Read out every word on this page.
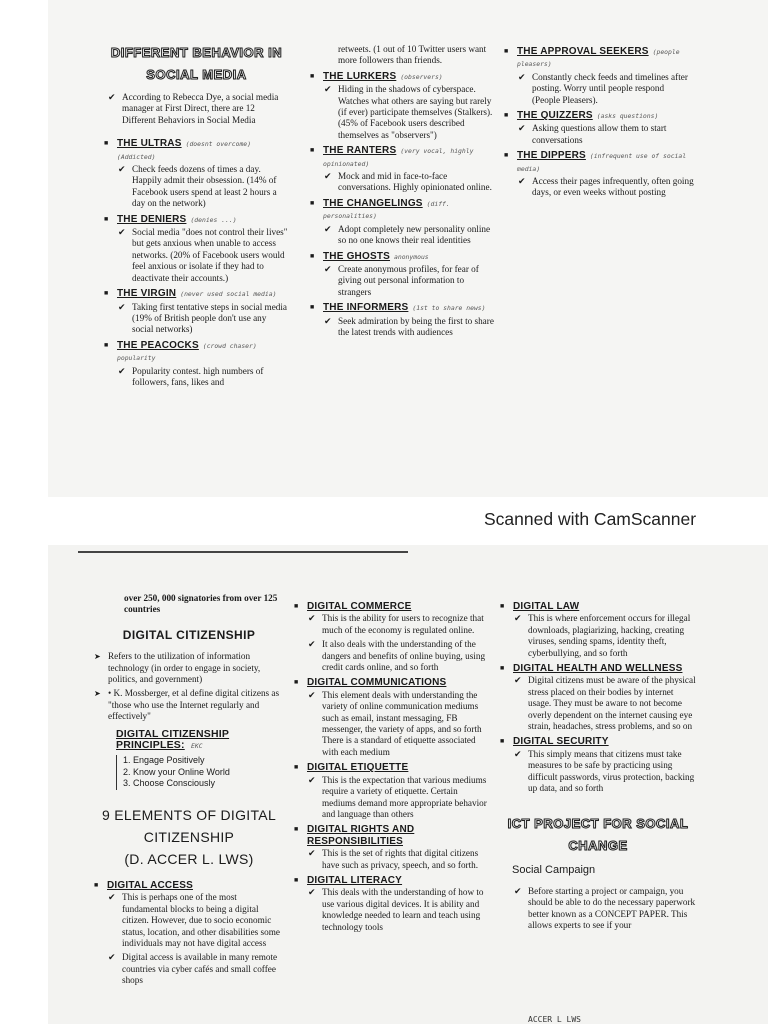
DIFFERENT BEHAVIOR IN
SOCIAL MEDIA
✔ According to Rebecca Dye, a social media manager at First Direct, there are 12 Different Behaviors in Social Media
■ THE ULTRAS (doesnt overcome) (Addicted)
✔ Check feeds dozens of times a day. Happily admit their obsession. (14% of Facebook users spend at least 2 hours a day on the network)
■ THE DENIERS (denies ...)
✔ Social media "does not control their lives" but gets anxious when unable to access networks. (20% of Facebook users would feel anxious or isolate if they had to deactivate their accounts.)
■ THE VIRGIN (never used social media)
✔ Taking first tentative steps in social media (19% of British people don't use any social networks)
■ THE PEACOCKS (crowd chaser) popularity
✔ Popularity contest. high numbers of followers, fans, likes and
retweets. (1 out of 10 Twitter users want more followers than friends.
■ THE LURKERS (observers)
✔ Hiding in the shadows of cyberspace. Watches what others are saying but rarely (if ever) participate themselves (Stalkers). (45% of Facebook users described themselves as "observers")
■ THE RANTERS (very vocal, highly opinionated)
✔ Mock and mid in face-to-face conversations. Highly opinionated online.
■ THE CHANGELINGS (diff. personalities)
✔ Adopt completely new personality online so no one knows their real identities
■ THE GHOSTS anonymous
✔ Create anonymous profiles, for fear of giving out personal information to strangers
■ THE INFORMERS (1st to share news)
✔ Seek admiration by being the first to share the latest trends with audiences
■ THE APPROVAL SEEKERS (people pleasers)
✔ Constantly check feeds and timelines after posting. Worry until people respond (People Pleasers).
■ THE QUIZZERS (asks questions)
✔ Asking questions allow them to start conversations
■ THE DIPPERS (infrequent use of social media)
✔ Access their pages infrequently, often going days, or even weeks without posting
Scanned with CamScanner
over 250, 000 signatories from over 125 countries
DIGITAL CITIZENSHIP
➤ Refers to the utilization of information technology (in order to engage in society, politics, and government)
➤ • K. Mossberger, et al define digital citizens as "those who use the Internet regularly and effectively"
DIGITAL CITIZENSHIP PRINCIPLES: EKC
1. Engage Positively
2. Know your Online World
3. Choose Consciously
9 ELEMENTS OF DIGITAL CITIZENSHIP
(D. ACCER L. LWS)
■ DIGITAL ACCESS
✔ This is perhaps one of the most fundamental blocks to being a digital citizen. However, due to socio economic status, location, and other disabilities some individuals may not have digital access
✔ Digital access is available in many remote countries via cyber cafés and small coffee shops
■ DIGITAL COMMERCE
✔ This is the ability for users to recognize that much of the economy is regulated online.
✔ It also deals with the understanding of the dangers and benefits of online buying, using credit cards online, and so forth
■ DIGITAL COMMUNICATIONS
✔ This element deals with understanding the variety of online communication mediums such as email, instant messaging, FB messenger, the variety of apps, and so forth There is a standard of etiquette associated with each medium
■ DIGITAL ETIQUETTE
✔ This is the expectation that various mediums require a variety of etiquette. Certain mediums demand more appropriate behavior and language than others
■ DIGITAL RIGHTS AND RESPONSIBILITIES
✔ This is the set of rights that digital citizens have such as privacy, speech, and so forth.
■ DIGITAL LITERACY
✔ This deals with the understanding of how to use various digital devices. It is ability and knowledge needed to learn and teach using technology tools
■ DIGITAL LAW
✔ This is where enforcement occurs for illegal downloads, plagiarizing, hacking, creating viruses, sending spams, identity theft, cyberbullying, and so forth
■ DIGITAL HEALTH AND WELLNESS
✔ Digital citizens must be aware of the physical stress placed on their bodies by internet usage. They must be aware to not become overly dependent on the internet causing eye strain, headaches, stress problems, and so on
■ DIGITAL SECURITY
✔ This simply means that citizens must take measures to be safe by practicing using difficult passwords, virus protection, backing up data, and so forth
ICT PROJECT FOR SOCIAL
CHANGE
Social Campaign
✔ Before starting a project or campaign, you should be able to do the necessary paperwork better known as a CONCEPT PAPER. This allows experts to see if your
ACCER L LWS
